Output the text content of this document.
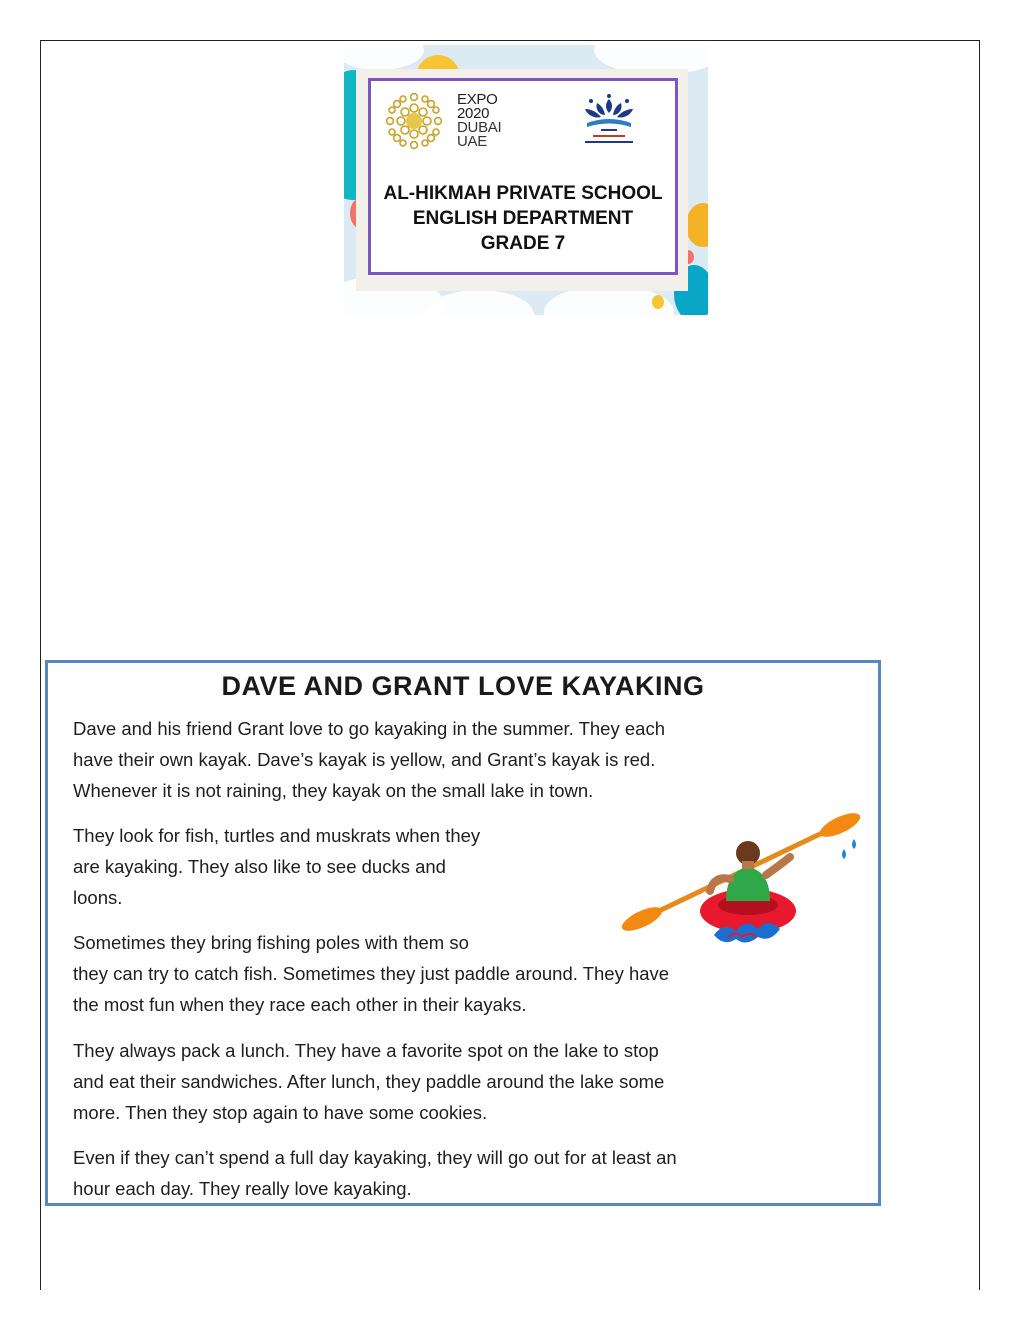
EXPO
2020
DUBAI
UAE
AL-HIKMAH PRIVATE SCHOOL
ENGLISH DEPARTMENT
GRADE 7
DAVE AND GRANT LOVE KAYAKING
Dave and his friend Grant love to go kayaking in the summer. They each
have their own kayak. Dave’s kayak is yellow, and Grant’s kayak is red.
Whenever it is not raining, they kayak on the small lake in town.
They look for fish, turtles and muskrats when they
are kayaking. They also like to see ducks and
loons.
Sometimes they bring fishing poles with them so
they can try to catch fish. Sometimes they just paddle around. They have
the most fun when they race each other in their kayaks.
They always pack a lunch. They have a favorite spot on the lake to stop
and eat their sandwiches. After lunch, they paddle around the lake some
more. Then they stop again to have some cookies.
Even if they can’t spend a full day kayaking, they will go out for at least an
hour each day. They really love kayaking.
